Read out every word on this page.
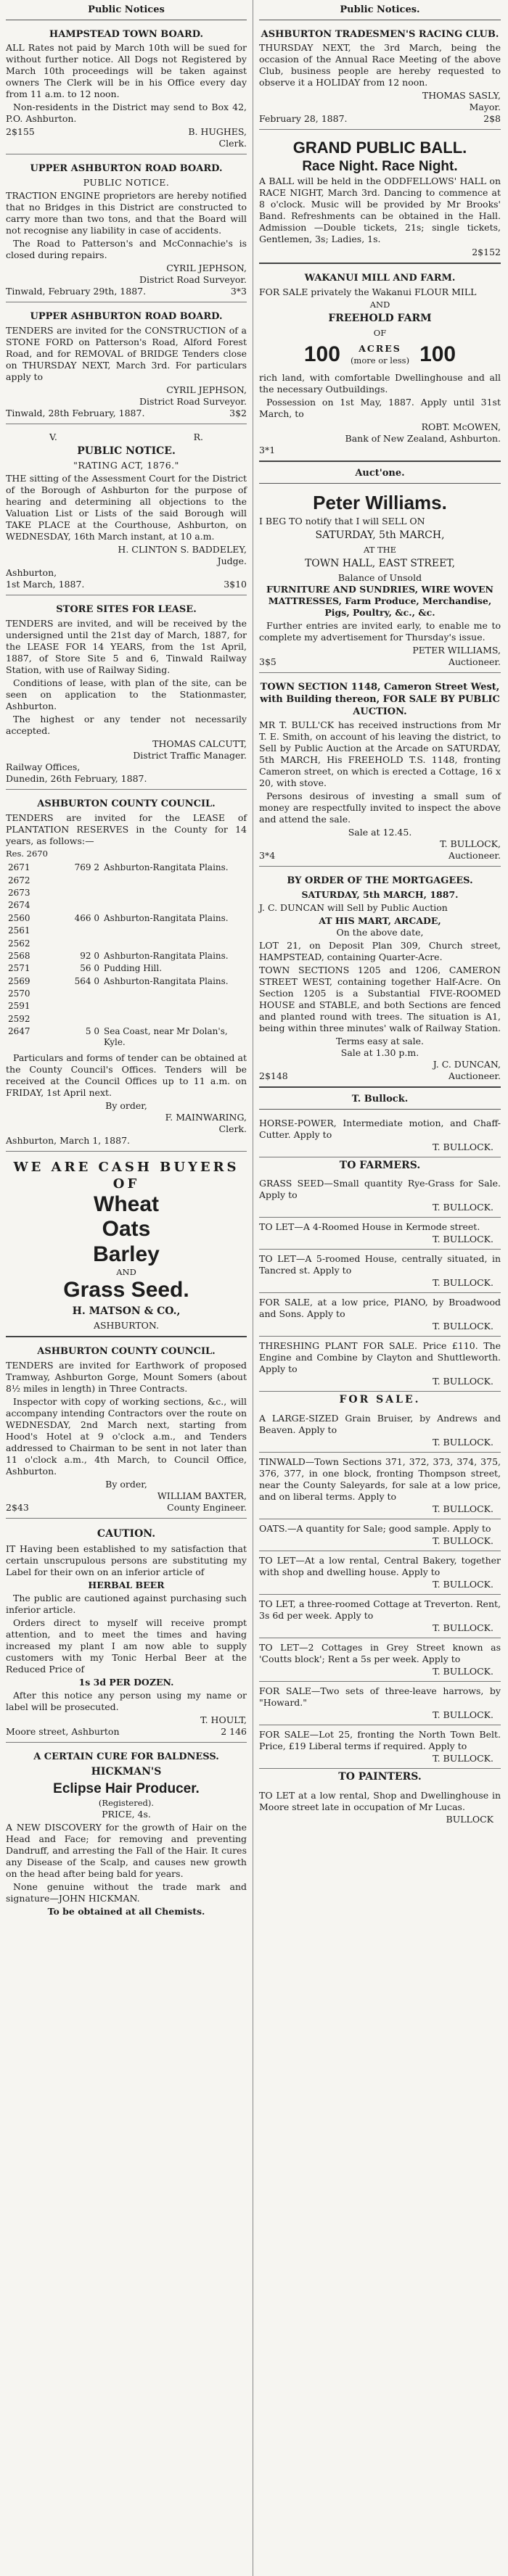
Public Notices
HAMPSTEAD TOWN BOARD.

ALL Rates not paid by March 10th will be sued for without further notice. All Dogs not Registered by March 10th proceedings will be taken against owners The Clerk will be in his Office every day from 11 a.m. to 12 noon.

Non-residents in the District may send to Box 42, P.O. Ashburton.

2$155	B. HUGHES,
Clerk.
UPPER ASHBURTON ROAD BOARD.
PUBLIC NOTICE.

TRACTION ENGINE proprietors are hereby notified that no Bridges in this District are constructed to carry more than two tons, and that the Board will not recognise any liability in case of accidents.

The Road to Patterson's and McConnachie's is closed during repairs.

CYRIL JEPHSON,
District Road Surveyor.
Tinwald, February 29th, 1887.	3*3
UPPER ASHBURTON ROAD BOARD.

TENDERS are invited for the CONSTRUCTION of a STONE FORD on Patterson's Road, Alford Forest Road, and for REMOVAL of BRIDGE Tenders close on THURSDAY NEXT, March 3rd. For particulars apply to

CYRIL JEPHSON,
District Road Surveyor.
Tinwald, 28th February, 1887.	3$2
V.	R.
PUBLIC NOTICE.
"RATING ACT, 1876."

THE sitting of the Assessment Court for the District of the Borough of Ashburton for the purpose of hearing and determining all objections to the Valuation List or Lists of the said Borough will TAKE PLACE at the Courthouse, Ashburton, on WEDNESDAY, 16th March instant, at 10 a.m.

H. CLINTON S. BADDELEY,
Judge.
Ashburton,
1st March, 1887.	3$10
STORE SITES FOR LEASE.

TENDERS are invited, and will be received by the undersigned until the 21st day of March, 1887, for the LEASE FOR 14 YEARS, from the 1st April, 1887, of Store Site 5 and 6, Tinwald Railway Station, with use of Railway Siding.

Conditions of lease, with plan of the site, can be seen on application to the Stationmaster, Ashburton.

The highest or any tender not necessarily accepted.

THOMAS CALCUTT,
District Traffic Manager.
Railway Offices,
Dunedin, 26th February, 1887.
ASHBURTON COUNTY COUNCIL.

TENDERS are invited for the LEASE of PLANTATION RESERVES in the County for 14 years, as follows:—

Res. 2670
2671	769 2	Ashburton-Rangitata Plains.
2672		
2673		
2674		
2560	466 0	Ashburton-Rangitata Plains.
2561		
2562		
2568	92 0	Ashburton-Rangitata Plains.
2571	56 0	Pudding Hill.
2569	564 0	Ashburton-Rangitata Plains.
2570		
2591		
2592		
2647	5 0	Sea Coast, near Mr Dolan's, Kyle.

Particulars and forms of tender can be obtained at the County Council's Offices. Tenders will be received at the Council Offices up to 11 a.m. on FRIDAY, 1st April next.

By order,
F. MAINWARING,
Clerk.
Ashburton, March 1, 1887.
WE ARE CASH BUYERS OF
Wheat
Oats
Barley
AND
Grass Seed.
H. MATSON & CO.,
ASHBURTON.
ASHBURTON COUNTY COUNCIL.

TENDERS are invited for Earthwork of proposed Tramway, Ashburton Gorge, Mount Somers (about 8½ miles in length) in Three Contracts.

Inspector with copy of working sections, &c., will accompany intending Contractors over the route on WEDNESDAY, 2nd March next, starting from Hood's Hotel at 9 o'clock a.m., and Tenders addressed to Chairman to be sent in not later than 11 o'clock a.m., 4th March, to Council Office, Ashburton.

By order,
WILLIAM BAXTER,
2$43	County Engineer.
CAUTION.

IT Having been established to my satisfaction that certain unscrupulous persons are substituting my Label for their own on an inferior article of

HERBAL BEER

The public are cautioned against purchasing such inferior article.

Orders direct to myself will receive prompt attention, and to meet the times and having increased my plant I am now able to supply customers with my Tonic Herbal Beer at the Reduced Price of

1s 3d PER DOZEN.

After this notice any person using my name or label will be prosecuted.

T. HOULT,
Moore street, Ashburton	2 146
A CERTAIN CURE FOR BALDNESS.
HICKMAN'S
Eclipse Hair Producer.
(Registered).
PRICE, 4s.

A NEW DISCOVERY for the growth of Hair on the Head and Face; for removing and preventing Dandruff, and arresting the Fall of the Hair. It cures any Disease of the Scalp, and causes new growth on the head after being bald for years.

None genuine without the trade mark and signature—JOHN HICKMAN.

To be obtained at all Chemists.
Public Notices.
ASHBURTON TRADESMEN'S RACING CLUB.

THURSDAY NEXT, the 3rd March, being the occasion of the Annual Race Meeting of the above Club, business people are hereby requested to observe it a HOLIDAY from 12 noon.

THOMAS SASLY,
Mayor.
February 28, 1887.	2$8
GRAND PUBLIC BALL.
Race Night. Race Night.

A BALL will be held in the ODDFELLOWS' HALL on RACE NIGHT, March 3rd. Dancing to commence at 8 o'clock. Music will be provided by Mr Brooks' Band. Refreshments can be obtained in the Hall. Admission —Double tickets, 21s; single tickets, Gentlemen, 3s; Ladies, 1s.

2$152
WAKANUI MILL AND FARM.

FOR SALE privately the Wakanui FLOUR MILL

AND
FREEHOLD FARM
OF
100	ACRES
(more or less) 100

rich land, with comfortable Dwellinghouse and all the necessary Outbuildings.

Possession on 1st May, 1887. Apply until 31st March, to

ROBT. McOWEN,
Bank of New Zealand, Ashburton.
3*1
Auct'one.
Peter Williams.

I BEG TO notify that I will SELL ON

SATURDAY, 5th MARCH,
AT THE
TOWN HALL, EAST STREET,
Balance of Unsold
FURNITURE AND SUNDRIES, WIRE WOVEN MATTRESSES, Farm Produce, Merchandise, Pigs, Poultry, &c., &c.

Further entries are invited early, to enable me to complete my advertisement for Thursday's issue.

PETER WILLIAMS,
3$5	Auctioneer.
TOWN SECTION 1148, Cameron Street West, with Building thereon, FOR SALE BY PUBLIC AUCTION.

MR T. BULL'CK has received instructions from Mr T. E. Smith, on account of his leaving the district, to Sell by Public Auction at the Arcade on SATURDAY, 5th MARCH, His FREEHOLD T.S. 1148, fronting Cameron street, on which is erected a Cottage, 16 x 20, with stove.

Persons desirous of investing a small sum of money are respectfully invited to inspect the above and attend the sale.

Sale at 12.45.
T. BULLOCK,
3*4	Auctioneer.
BY ORDER OF THE MORTGAGEES.
SATURDAY, 5th MARCH, 1887.

J. C. DUNCAN will Sell by Public Auction

AT HIS MART, ARCADE,
On the above date,

LOT 21, on Deposit Plan 309, Church street, HAMPSTEAD, containing Quarter-Acre.

TOWN SECTIONS 1205 and 1206, CAMERON STREET WEST, containing together Half-Acre. On Section 1205 is a Substantial FIVE-ROOMED HOUSE and STABLE, and both Sections are fenced and planted round with trees. The situation is A1, being within three minutes' walk of Railway Station.

Terms easy at sale.
Sale at 1.30 p.m.
J. C. DUNCAN,
2$148	Auctioneer.
T. Bullock.

HORSE-POWER, Intermediate motion, and Chaff-Cutter. Apply to

T. BULLOCK.

TO FARMERS.

GRASS SEED—Small quantity Rye-Grass for Sale. Apply to

T. BULLOCK.

TO LET—A 4-Roomed House in Kermode street.

T. BULLOCK.

TO LET—A 5-roomed House, centrally situated, in Tancred st. Apply to

T. BULLOCK.

FOR SALE, at a low price, PIANO, by Broadwood and Sons. Apply to

T. BULLOCK.

THRESHING PLANT FOR SALE. Price £110. The Engine and Combine by Clayton and Shuttleworth. Apply to

T. BULLOCK.

FOR SALE.

A LARGE-SIZED Grain Bruiser, by Andrews and Beaven. Apply to

T. BULLOCK.

TINWALD—Town Sections 371, 372, 373, 374, 375, 376, 377, in one block, fronting Thompson street, near the County Saleyards, for sale at a low price, and on liberal terms. Apply to

T. BULLOCK.

OATS.—A quantity for Sale; good sample. Apply to

T. BULLOCK.

TO LET—At a low rental, Central Bakery, together with shop and dwelling house. Apply to

T. BULLOCK.

TO LET, a three-roomed Cottage at Treverton. Rent, 3s 6d per week. Apply to

T. BULLOCK.

TO LET—2 Cottages in Grey Street known as 'Coutts block'; Rent a 5s per week. Apply to

T. BULLOCK.

FOR SALE—Two sets of three-leave harrows, by "Howard."

T. BULLOCK.

FOR SALE—Lot 25, fronting the North Town Belt. Price, £19 Liberal terms if required. Apply to

T. BULLOCK.

TO PAINTERS.

TO LET at a low rental, Shop and Dwellinghouse in Moore street late in occupation of Mr Lucas.

BULLOCK
